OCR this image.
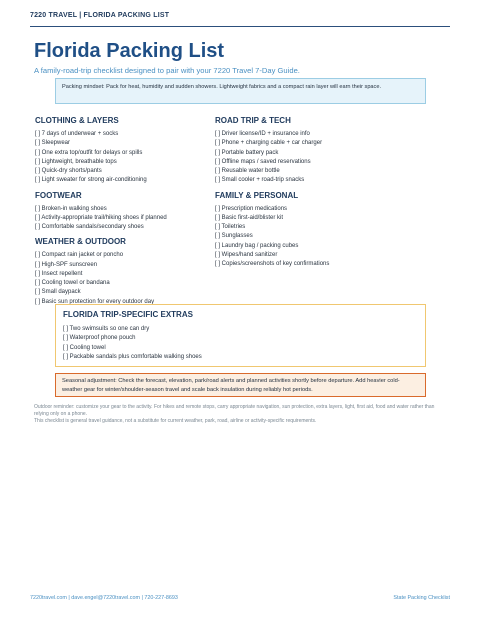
7220 TRAVEL | FLORIDA PACKING LIST
Florida Packing List
A family-road-trip checklist designed to pair with your 7220 Travel 7-Day Guide.
Packing mindset: Pack for heat, humidity and sudden showers. Lightweight fabrics and a compact rain layer will earn their space.
CLOTHING & LAYERS
[ ] 7 days of underwear + socks
[ ] Sleepwear
[ ] One extra top/outfit for delays or spills
[ ] Lightweight, breathable tops
[ ] Quick-dry shorts/pants
[ ] Light sweater for strong air-conditioning
FOOTWEAR
[ ] Broken-in walking shoes
[ ] Activity-appropriate trail/hiking shoes if planned
[ ] Comfortable sandals/secondary shoes
WEATHER & OUTDOOR
[ ] Compact rain jacket or poncho
[ ] High-SPF sunscreen
[ ] Insect repellent
[ ] Cooling towel or bandana
[ ] Small daypack
[ ] Basic sun protection for every outdoor day
ROAD TRIP & TECH
[ ] Driver license/ID + insurance info
[ ] Phone + charging cable + car charger
[ ] Portable battery pack
[ ] Offline maps / saved reservations
[ ] Reusable water bottle
[ ] Small cooler + road-trip snacks
FAMILY & PERSONAL
[ ] Prescription medications
[ ] Basic first-aid/blister kit
[ ] Toiletries
[ ] Sunglasses
[ ] Laundry bag / packing cubes
[ ] Wipes/hand sanitizer
[ ] Copies/screenshots of key confirmations
FLORIDA TRIP-SPECIFIC EXTRAS
[ ] Two swimsuits so one can dry
[ ] Waterproof phone pouch
[ ] Cooling towel
[ ] Packable sandals plus comfortable walking shoes
Seasonal adjustment: Check the forecast, elevation, park/road alerts and planned activities shortly before departure. Add heavier cold-weather gear for winter/shoulder-season travel and scale back insulation during reliably hot periods.
Outdoor reminder: customize your gear to the activity. For hikes and remote stops, carry appropriate navigation, sun protection, extra layers, light, first aid, food and water rather than relying only on a phone.
This checklist is general travel guidance, not a substitute for current weather, park, road, airline or activity-specific requirements.
7220travel.com | dave.engel@7220travel.com | 720-227-8693	State Packing Checklist
